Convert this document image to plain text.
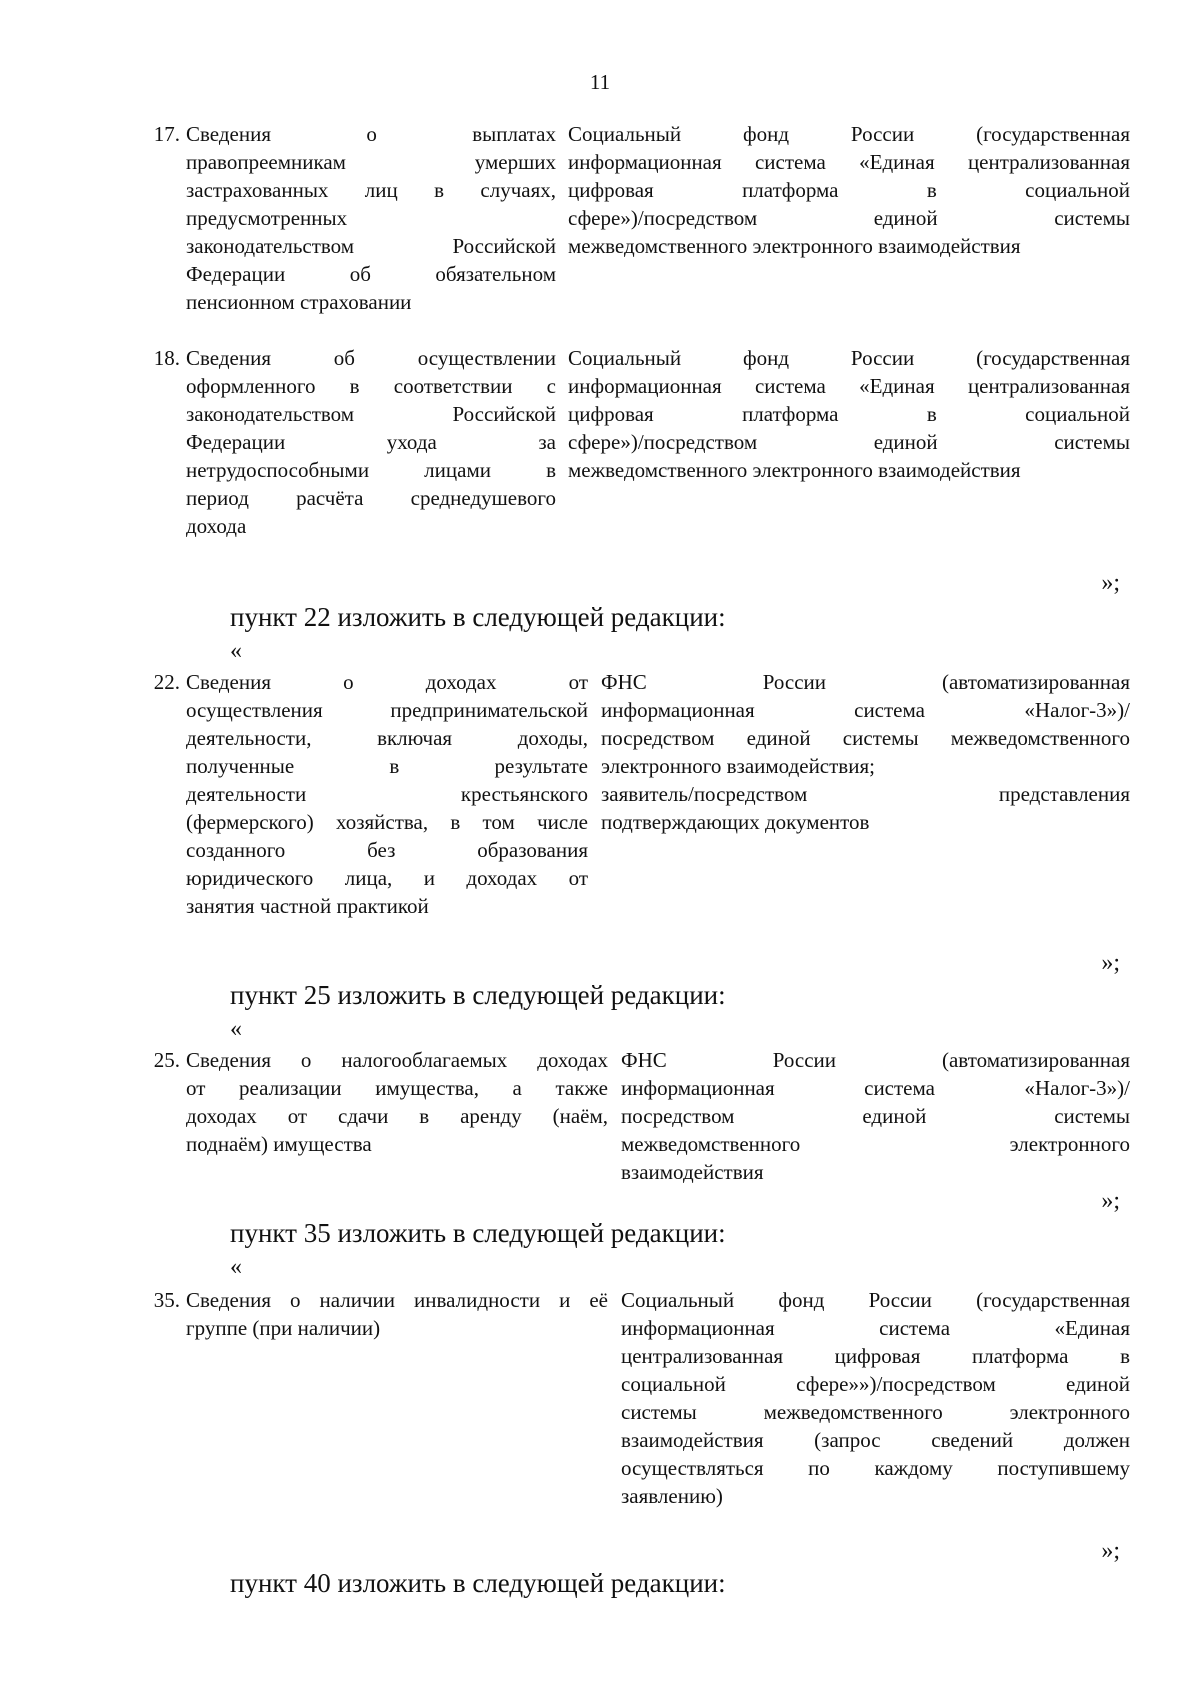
11
17. Сведения о выплатах
правопреемникам умерших
застрахованных лиц в случаях,
предусмотренных
законодательством Российской
Федерации об обязательном
пенсионном страховании
Социальный фонд России (государственная
информационная система «Единая централизованная
цифровая платформа в социальной
сфере»)/посредством единой системы
межведомственного электронного взаимодействия
18. Сведения об осуществлении
оформленного в соответствии с
законодательством Российской
Федерации ухода за
нетрудоспособными лицами в
период расчёта среднедушевого
дохода
Социальный фонд России (государственная
информационная система «Единая централизованная
цифровая платформа в социальной
сфере»)/посредством единой системы
межведомственного электронного взаимодействия
»;
пункт 22 изложить в следующей редакции:
«
22. Сведения о доходах от
осуществления предпринимательской
деятельности, включая доходы,
полученные в результате
деятельности крестьянского
(фермерского) хозяйства, в том числе
созданного без образования
юридического лица, и доходах от
занятия частной практикой
ФНС России (автоматизированная
информационная система «Налог-3»)/
посредством единой системы межведомственного
электронного взаимодействия;
заявитель/посредством представления
подтверждающих документов
»;
пункт 25 изложить в следующей редакции:
«
25. Сведения о налогооблагаемых доходах
от реализации имущества, а также
доходах от сдачи в аренду (наём,
поднаём) имущества
ФНС России (автоматизированная
информационная система «Налог-3»)/
посредством единой системы
межведомственного электронного
взаимодействия
»;
пункт 35 изложить в следующей редакции:
«
35. Сведения о наличии инвалидности и её
группе (при наличии)
Социальный фонд России (государственная
информационная система «Единая
централизованная цифровая платформа в
социальной сфере»»)/посредством единой
системы межведомственного электронного
взаимодействия (запрос сведений должен
осуществляться по каждому поступившему
заявлению)
»;
пункт 40 изложить в следующей редакции:
